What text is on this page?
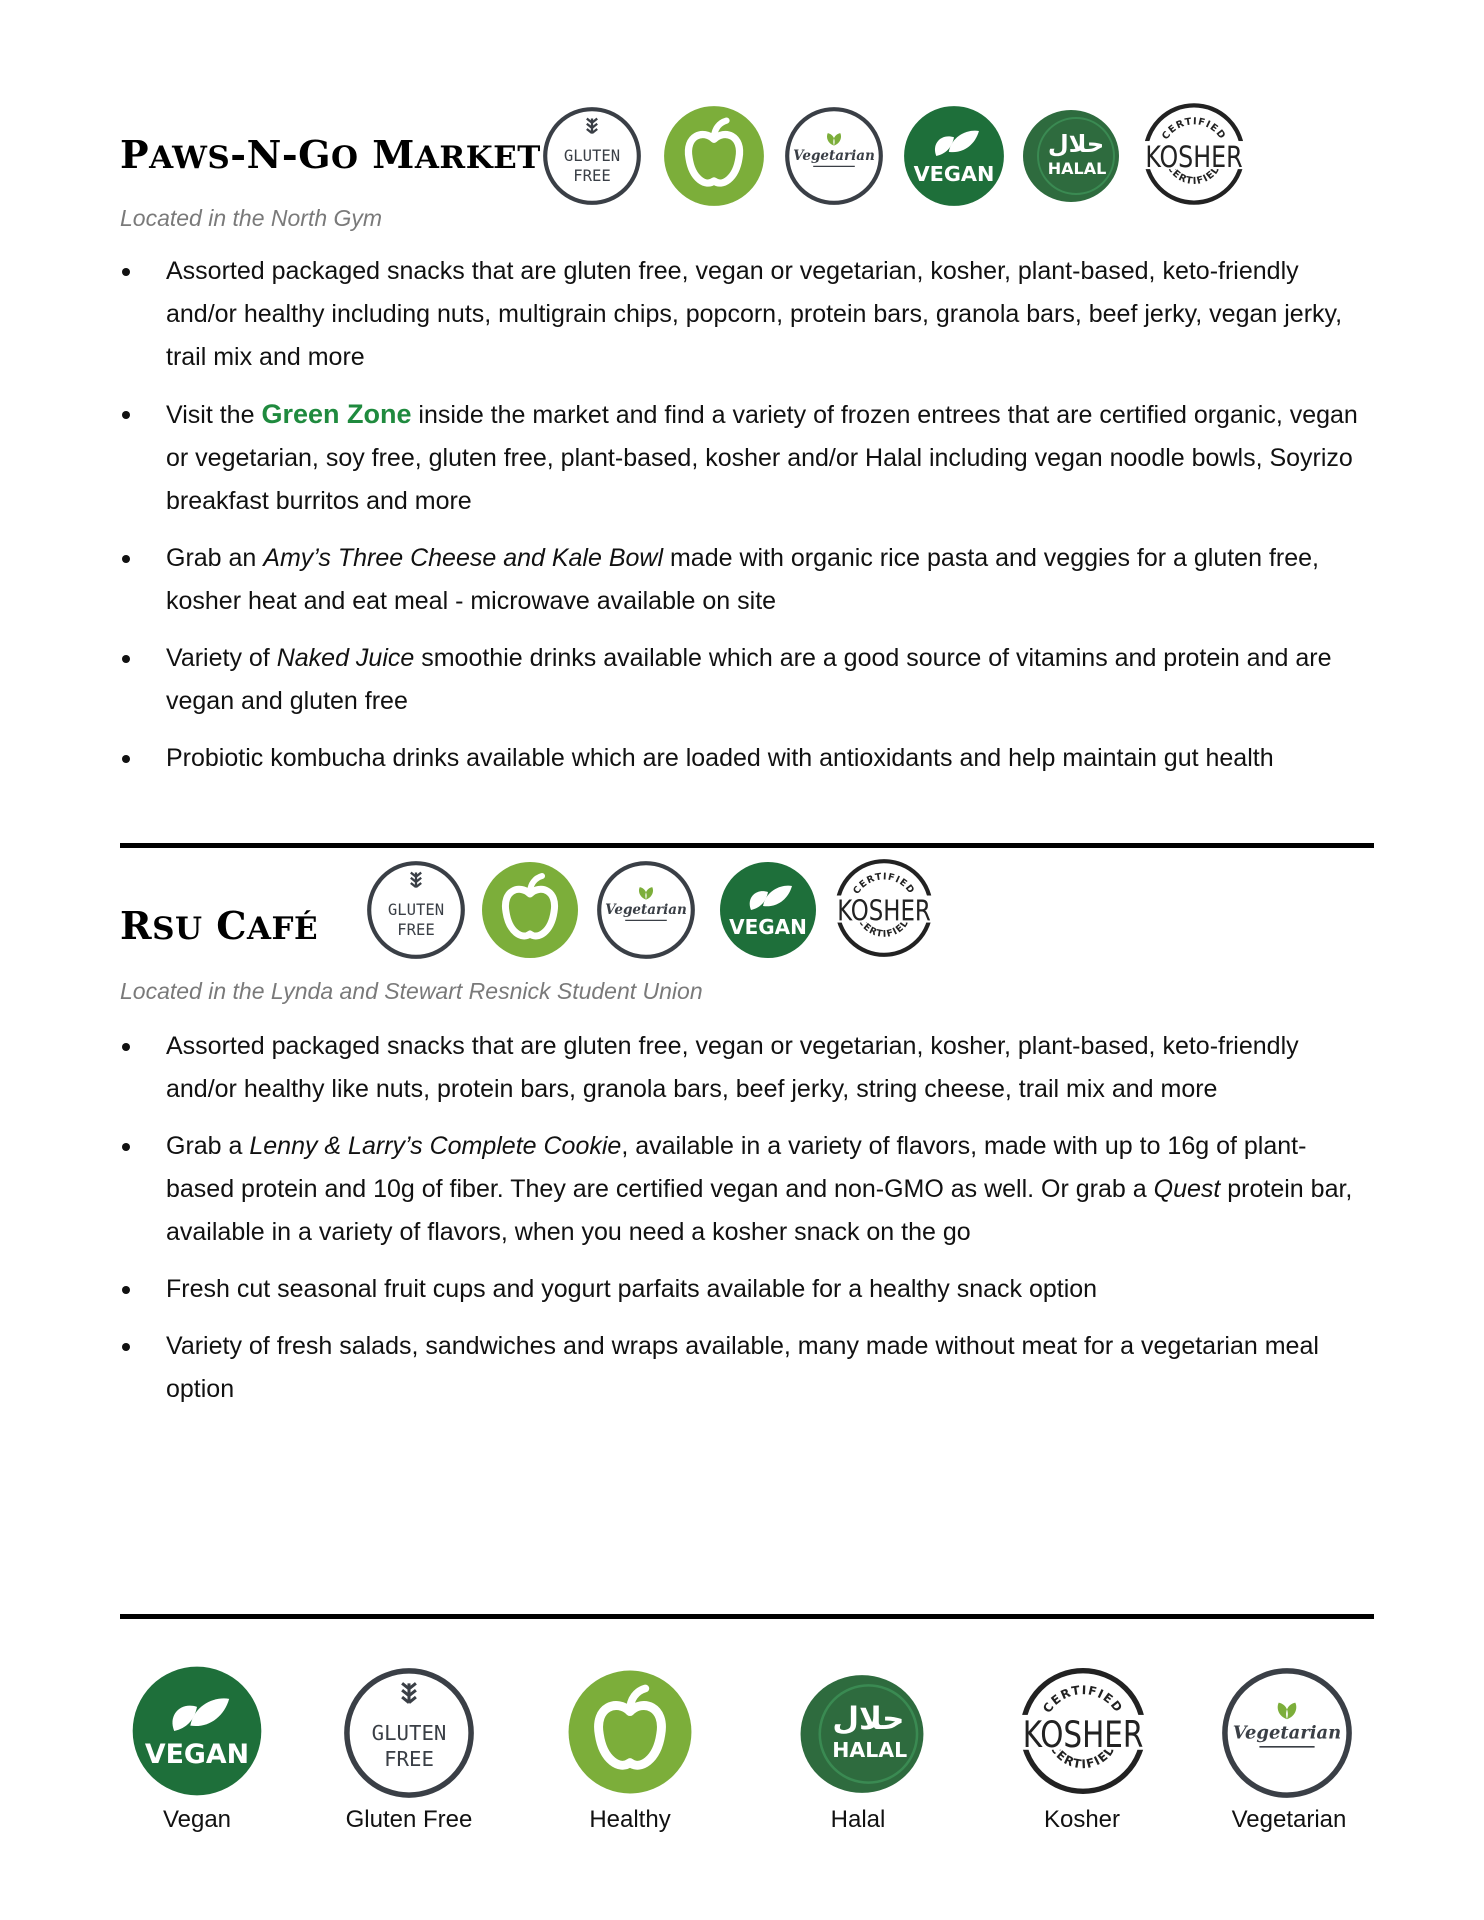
PAWS-N-GO MARKET

Located in the North Gym

Assorted packaged snacks that are gluten free, vegan or vegetarian, kosher, plant-based, keto-friendly and/or healthy including nuts, multigrain chips, popcorn, protein bars, granola bars, beef jerky, vegan jerky, trail mix and more
Visit the Green Zone inside the market and find a variety of frozen entrees that are certified organic, vegan or vegetarian, soy free, gluten free, plant-based, kosher and/or Halal including vegan noodle bowls, Soyrizo breakfast burritos and more
Grab an Amy’s Three Cheese and Kale Bowl made with organic rice pasta and veggies for a gluten free, kosher heat and eat meal - microwave available on site
Variety of Naked Juice smoothie drinks available which are a good source of vitamins and protein and are vegan and gluten free
Probiotic kombucha drinks available which are loaded with antioxidants and help maintain gut health
RSU CAFÉ

Located in the Lynda and Stewart Resnick Student Union

Assorted packaged snacks that are gluten free, vegan or vegetarian, kosher, plant-based, keto-friendly and/or healthy like nuts, protein bars, granola bars, beef jerky, string cheese, trail mix and more
Grab a Lenny & Larry’s Complete Cookie, available in a variety of flavors, made with up to 16g of plant-based protein and 10g of fiber. They are certified vegan and non-GMO as well. Or grab a Quest protein bar, available in a variety of flavors, when you need a kosher snack on the go
Fresh cut seasonal fruit cups and yogurt parfaits available for a healthy snack option
Variety of fresh salads, sandwiches and wraps available, many made without meat for a vegetarian meal option
Vegan	Gluten Free	Healthy	Halal	Kosher	Vegetarian
